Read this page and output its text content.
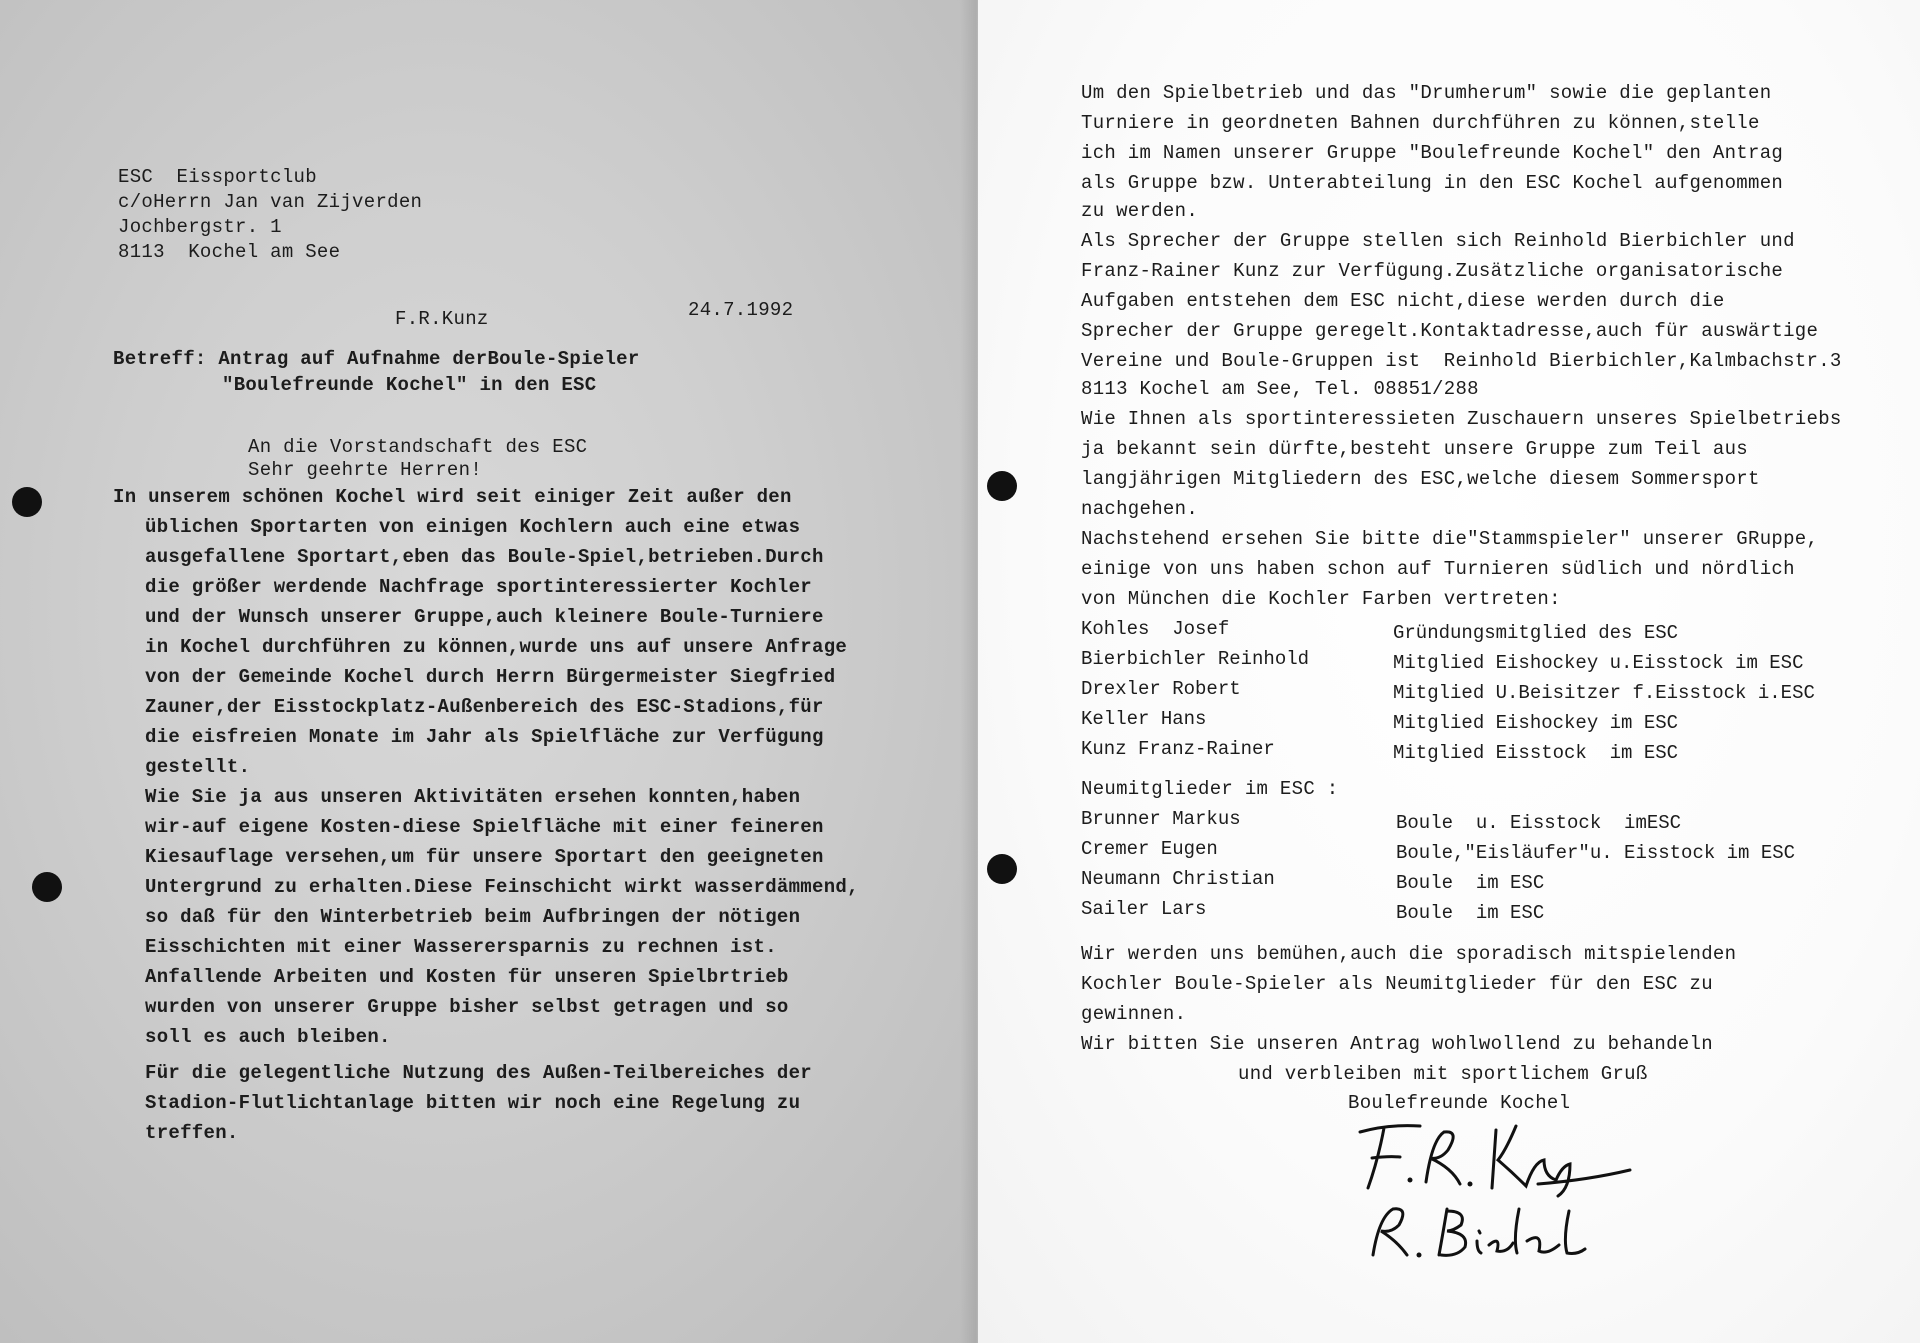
ESC  Eissportclub
c/oHerrn Jan van Zijverden
Jochbergstr. 1
8113  Kochel am See
F.R.Kunz	24.7.1992
Betreff: Antrag auf Aufnahme derBoule-Spieler
"Boulefreunde Kochel" in den ESC
An die Vorstandschaft des ESC
Sehr geehrte Herren!
In unserem schönen Kochel wird seit einiger Zeit außer den
üblichen Sportarten von einigen Kochlern auch eine etwas
ausgefallene Sportart,eben das Boule-Spiel,betrieben.Durch
die größer werdende Nachfrage sportinteressierter Kochler
und der Wunsch unserer Gruppe,auch kleinere Boule-Turniere
in Kochel durchführen zu können,wurde uns auf unsere Anfrage
von der Gemeinde Kochel durch Herrn Bürgermeister Siegfried
Zauner,der Eisstockplatz-Außenbereich des ESC-Stadions,für
die eisfreien Monate im Jahr als Spielfläche zur Verfügung
gestellt.
Wie Sie ja aus unseren Aktivitäten ersehen konnten,haben
wir-auf eigene Kosten-diese Spielfläche mit einer feineren
Kiesauflage versehen,um für unsere Sportart den geeigneten
Untergrund zu erhalten.Diese Feinschicht wirkt wasserdämmend,
so daß für den Winterbetrieb beim Aufbringen der nötigen
Eisschichten mit einer Wasserersparnis zu rechnen ist.
Anfallende Arbeiten und Kosten für unseren Spielbrtrieb
wurden von unserer Gruppe bisher selbst getragen und so
soll es auch bleiben.
Für die gelegentliche Nutzung des Außen-Teilbereiches der
Stadion-Flutlichtanlage bitten wir noch eine Regelung zu
treffen.
Um den Spielbetrieb und das "Drumherum" sowie die geplanten
Turniere in geordneten Bahnen durchführen zu können,stelle
ich im Namen unserer Gruppe "Boulefreunde Kochel" den Antrag
als Gruppe bzw. Unterabteilung in den ESC Kochel aufgenommen
zu werden.
Als Sprecher der Gruppe stellen sich Reinhold Bierbichler und
Franz-Rainer Kunz zur Verfügung.Zusätzliche organisatorische
Aufgaben entstehen dem ESC nicht,diese werden durch die
Sprecher der Gruppe geregelt.Kontaktadresse,auch für auswärtige
Vereine und Boule-Gruppen ist  Reinhold Bierbichler,Kalmbachstr.3
8113 Kochel am See, Tel. 08851/288
Wie Ihnen als sportinteressieten Zuschauern unseres Spielbetriebs
ja bekannt sein dürfte,besteht unsere Gruppe zum Teil aus
langjährigen Mitgliedern des ESC,welche diesem Sommersport
nachgehen.
Nachstehend ersehen Sie bitte die"Stammspieler" unserer GRuppe,
einige von uns haben schon auf Turnieren südlich und nördlich
von München die Kochler Farben vertreten:
Kohles  Josef	Gründungsmitglied des ESC
Bierbichler Reinhold	Mitglied Eishockey u.Eisstock im ESC
Drexler Robert	Mitglied U.Beisitzer f.Eisstock i.ESC
Keller Hans	Mitglied Eishockey im ESC
Kunz Franz-Rainer	Mitglied Eisstock  im ESC
Neumitglieder im ESC :
Brunner Markus	Boule  u. Eisstock  imESC
Cremer Eugen	Boule,"Eisläufer"u. Eisstock im ESC
Neumann Christian	Boule  im ESC
Sailer Lars	Boule  im ESC
Wir werden uns bemühen,auch die sporadisch mitspielenden
Kochler Boule-Spieler als Neumitglieder für den ESC zu
gewinnen.
Wir bitten Sie unseren Antrag wohlwollend zu behandeln
und verbleiben mit sportlichem Gruß
Boulefreunde Kochel
